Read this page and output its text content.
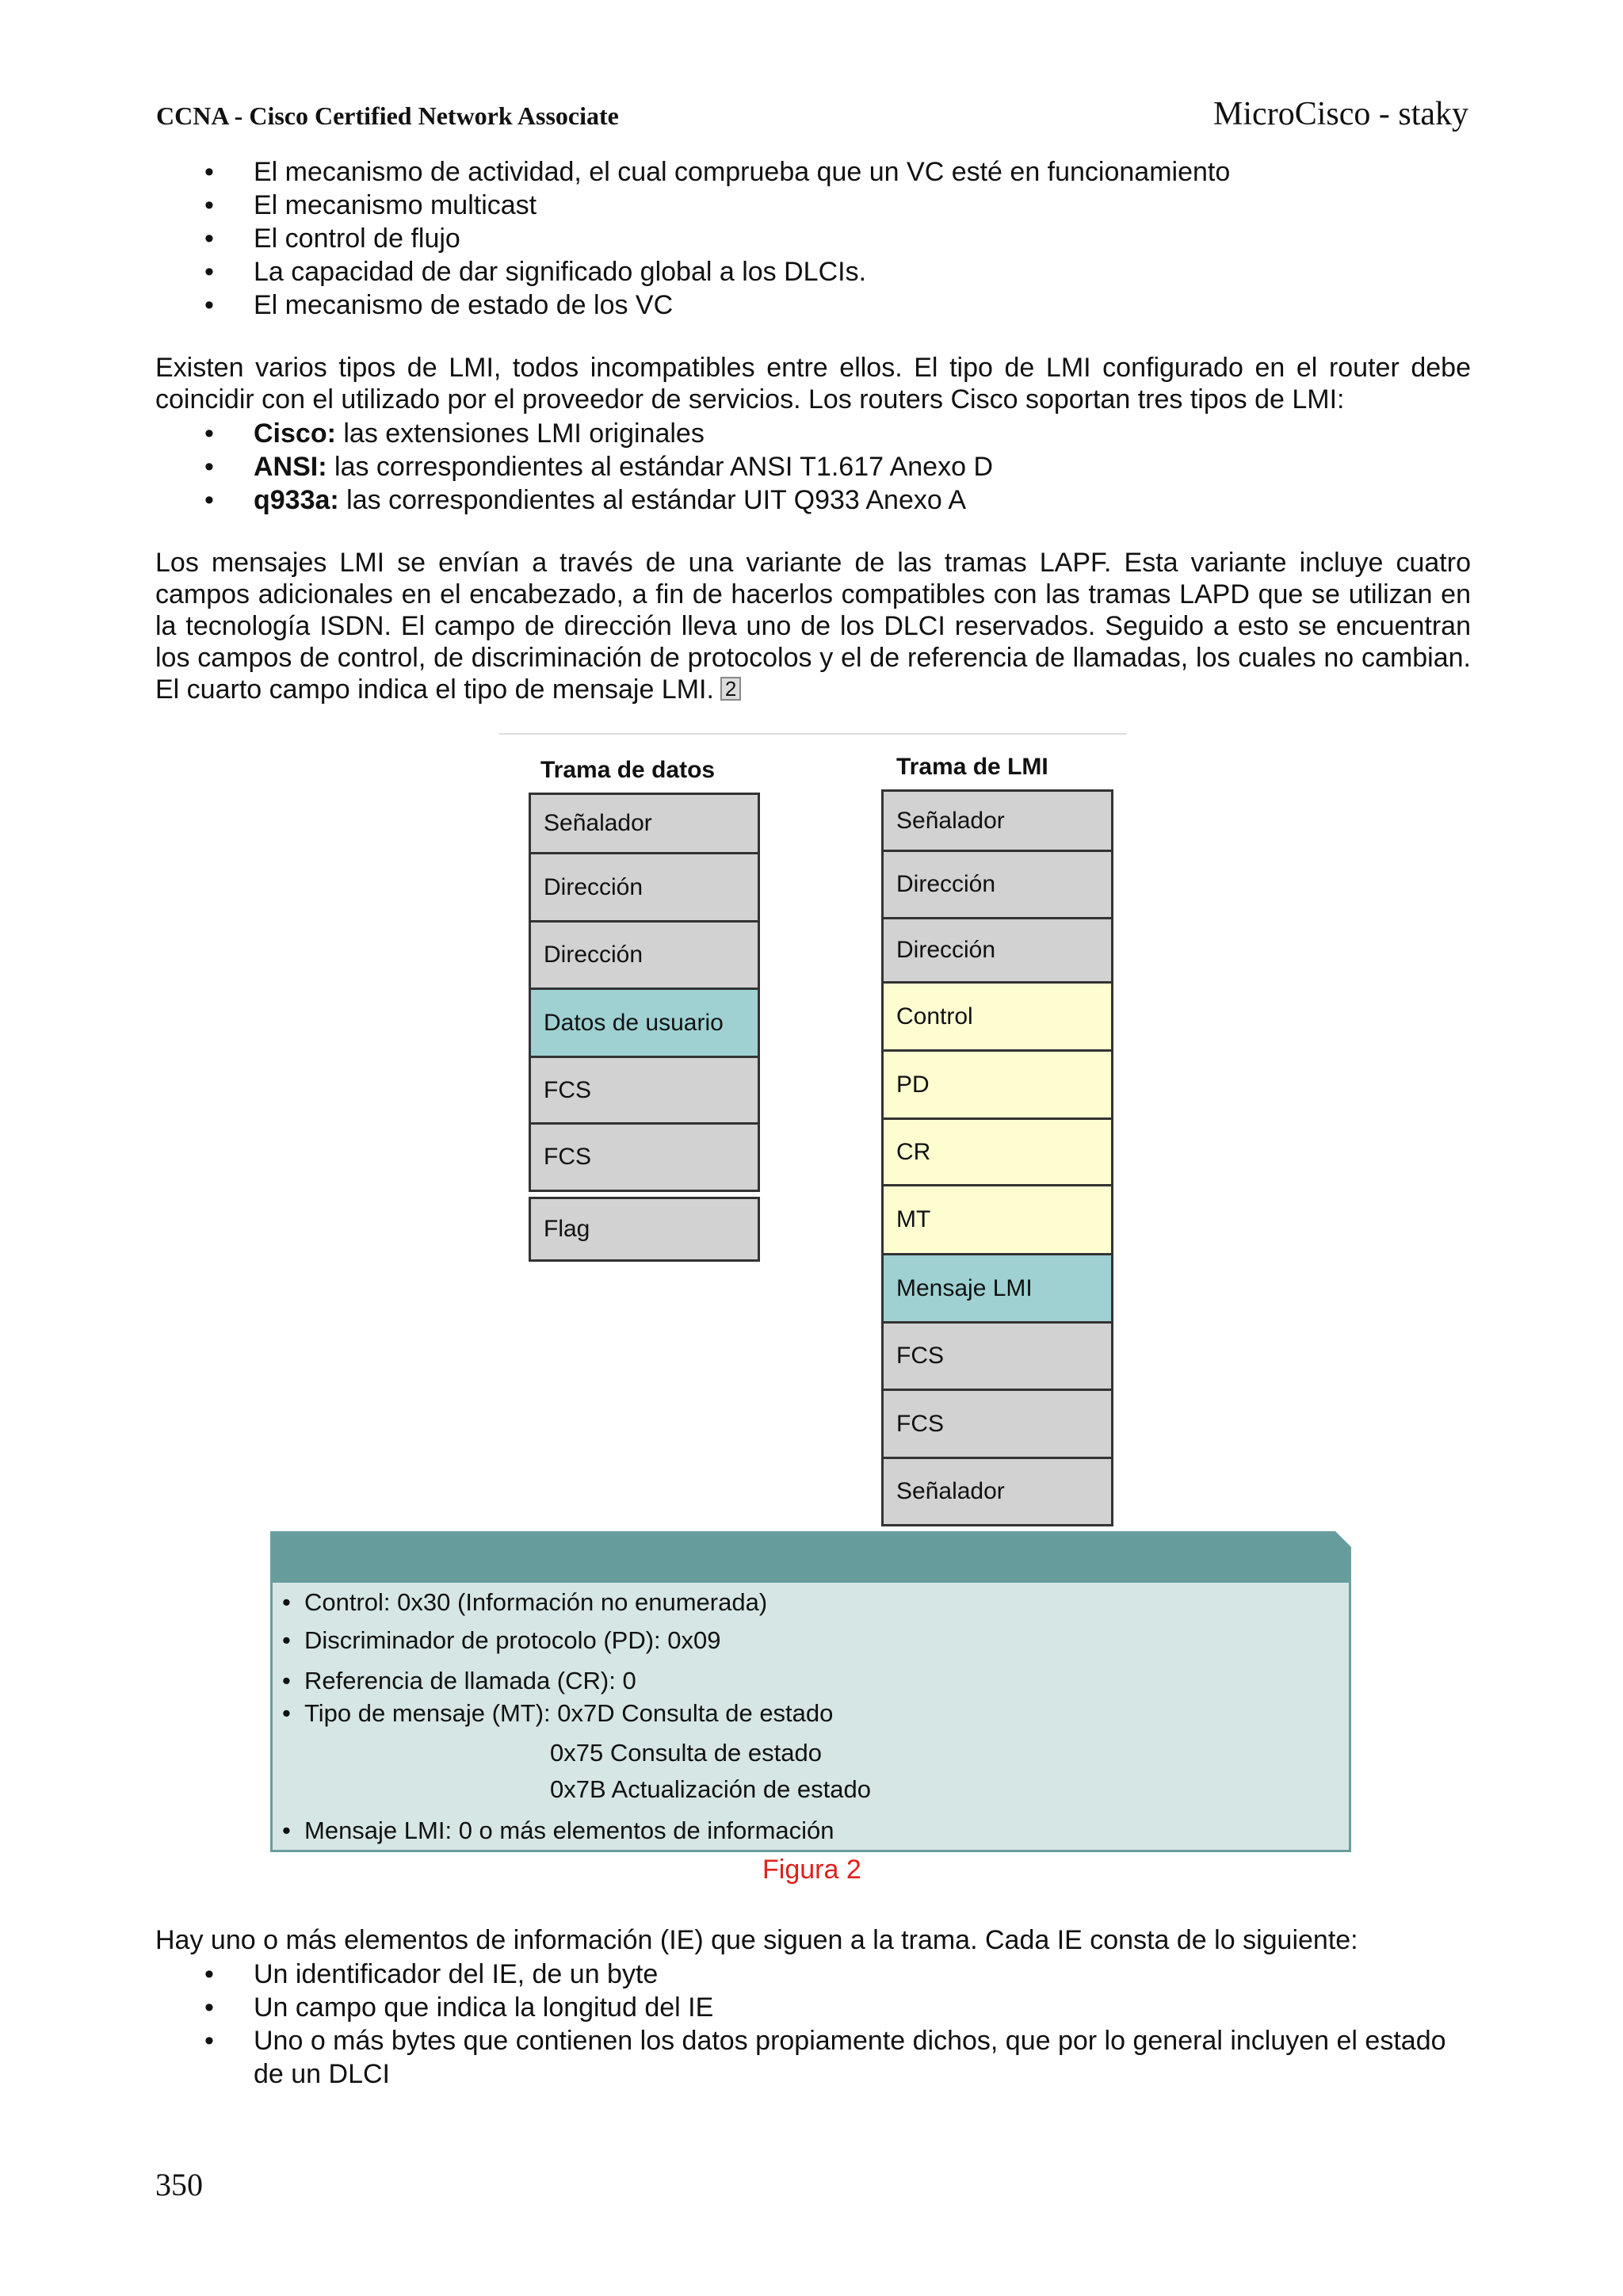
CCNA - Cisco Certified Network Associate	MicroCisco - staky
• El mecanismo de actividad, el cual comprueba que un VC esté en funcionamiento
• El mecanismo multicast
• El control de flujo
• La capacidad de dar significado global a los DLCIs.
• El mecanismo de estado de los VC
Existen varios tipos de LMI, todos incompatibles entre ellos. El tipo de LMI configurado en el router debe coincidir con el utilizado por el proveedor de servicios. Los routers Cisco soportan tres tipos de LMI:
• Cisco: las extensiones LMI originales
• ANSI: las correspondientes al estándar ANSI T1.617 Anexo D
• q933a: las correspondientes al estándar UIT Q933 Anexo A
Los mensajes LMI se envían a través de una variante de las tramas LAPF. Esta variante incluye cuatro campos adicionales en el encabezado, a fin de hacerlos compatibles con las tramas LAPD que se utilizan en la tecnología ISDN. El campo de dirección lleva uno de los DLCI reservados. Seguido a esto se encuentran los campos de control, de discriminación de protocolos y el de referencia de llamadas, los cuales no cambian. El cuarto campo indica el tipo de mensaje LMI. 2
Trama de datos	Trama de LMI
Señalador
Dirección
Dirección
Datos de usuario
FCS
FCS
Flag
Señalador
Dirección
Dirección
Control
PD
CR
MT
Mensaje LMI
FCS
FCS
Señalador
• Control: 0x30 (Información no enumerada)
• Discriminador de protocolo (PD): 0x09
• Referencia de llamada (CR): 0
• Tipo de mensaje (MT): 0x7D Consulta de estado
0x75 Consulta de estado
0x7B Actualización de estado
• Mensaje LMI: 0 o más elementos de información
Figura 2
Hay uno o más elementos de información (IE) que siguen a la trama. Cada IE consta de lo siguiente:
• Un identificador del IE, de un byte
• Un campo que indica la longitud del IE
• Uno o más bytes que contienen los datos propiamente dichos, que por lo general incluyen el estado de un DLCI
350
